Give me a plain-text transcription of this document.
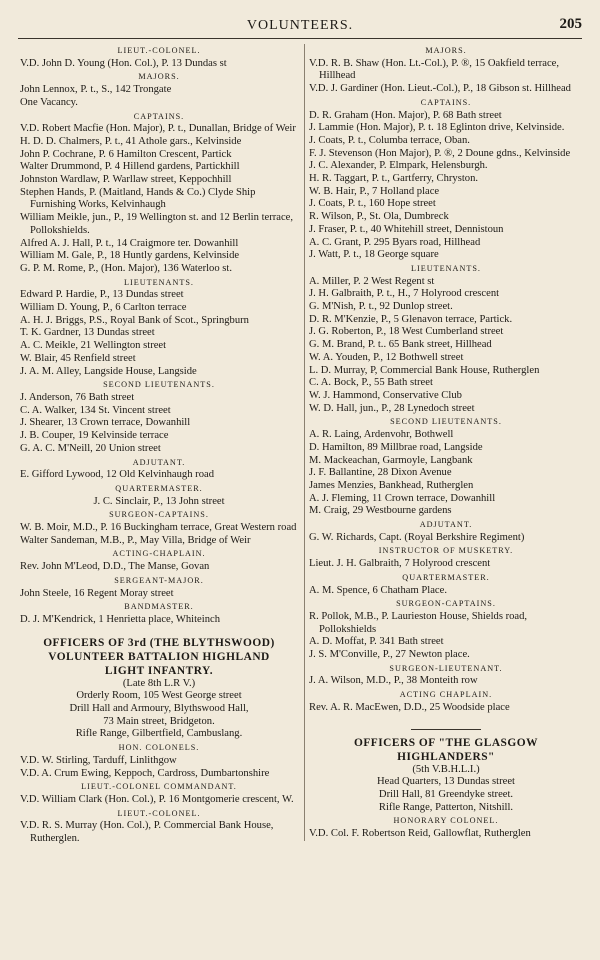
VOLUNTEERS.	205
LIEUT.-COLONEL.
V.D. John D. Young (Hon. Col.), P. 13 Dundas st
MAJORS.
John Lennox, P. t., S., 142 Trongate
One Vacancy.
CAPTAINS.
V.D. Robert Macfie (Hon. Major), P. t., Dunallan, Bridge of Weir
H. D. D. Chalmers, P. t., 41 Athole gars., Kelvinside
John P. Cochrane, P. 6 Hamilton Crescent, Partick
Walter Drummond, P. 4 Hillend gardens, Partickhill
Johnston Wardlaw, P. Warllaw street, Keppochhill
Stephen Hands, P. (Maitland, Hands & Co.) Clyde Ship Furnishing Works, Kelvinhaugh
William Meikle, jun., P., 19 Wellington st. and 12 Berlin terrace, Pollokshields.
Alfred A. J. Hall, P. t., 14 Craigmore ter. Dowanhill
William M. Gale, P., 18 Huntly gardens, Kelvinside
G. P. M. Rome, P., (Hon. Major), 136 Waterloo st.
LIEUTENANTS.
Edward P. Hardie, P., 13 Dundas street
William D. Young, P., 6 Carlton terrace
A. H. J. Briggs, P.S., Royal Bank of Scot., Springburn
T. K. Gardner, 13 Dundas street
A. C. Meikle, 21 Wellington street
W. Blair, 45 Renfield street
J. A. M. Alley, Langside House, Langside
SECOND LIEUTENANTS.
J. Anderson, 76 Bath street
C. A. Walker, 134 St. Vincent street
J. Shearer, 13 Crown terrace, Dowanhill
J. B. Couper, 19 Kelvinside terrace
G. A. C. M'Neill, 20 Union street
ADJUTANT.
E. Gifford Lywood, 12 Old Kelvinhaugh road
QUARTERMASTER.
J. C. Sinclair, P., 13 John street
SURGEON-CAPTAINS.
W. B. Moir, M.D., P. 16 Buckingham terrace, Great Western road
Walter Sandeman, M.B., P., May Villa, Bridge of Weir
ACTING-CHAPLAIN.
Rev. John M'Leod, D.D., The Manse, Govan
SERGEANT-MAJOR.
John Steele, 16 Regent Moray street
BANDMASTER.
D. J. M'Kendrick, 1 Henrietta place, Whiteinch
OFFICERS OF 3rd (THE BLYTHSWOOD)
VOLUNTEER BATTALION HIGHLAND
LIGHT INFANTRY.
(Late 8th L.R V.)
Orderly Room, 105 West George street
Drill Hall and Armoury, Blythswood Hall,
73 Main street, Bridgeton.
Rifle Range, Gilbertfield, Cambuslang.
HON. COLONELS.
V.D. W. Stirling, Tarduff, Linlithgow
V.D. A. Crum Ewing, Keppoch, Cardross, Dumbartonshire
LIEUT.-COLONEL COMMANDANT.
V.D. William Clark (Hon. Col.), P. 16 Montgomerie crescent, W.
LIEUT.-COLONEL.
V.D. R. S. Murray (Hon. Col.), P. Commercial Bank House, Rutherglen.
MAJORS.
V.D. R. B. Shaw (Hon. Lt.-Col.), P. ®, 15 Oakfield terrace, Hillhead
V.D. J. Gardiner (Hon. Lieut.-Col.), P., 18 Gibson st. Hillhead
CAPTAINS.
D. R. Graham (Hon. Major), P. 68 Bath street
J. Lammie (Hon. Major), P. t. 18 Eglinton drive, Kelvinside.
J. Coats, P. t., Columba terrace, Oban.
F. J. Stevenson (Hon Major), P. ®, 2 Doune gdns., Kelvinside
J. C. Alexander, P. Elmpark, Helensburgh.
H. R. Taggart, P. t., Gartferry, Chryston.
W. B. Hair, P., 7 Holland place
J. Coats, P. t., 160 Hope street
R. Wilson, P., St. Ola, Dumbreck
J. Fraser, P. t., 40 Whitehill street, Dennistoun
A. C. Grant, P. 295 Byars road, Hillhead
J. Watt, P. t., 18 George square
LIEUTENANTS.
A. Miller, P. 2 West Regent st
J. H. Galbraith, P. t., H., 7 Holyrood crescent
G. M'Nish, P. t., 92 Dunlop street.
D. R. M'Kenzie, P., 5 Glenavon terrace, Partick.
J. G. Roberton, P., 18 West Cumberland street
G. M. Brand, P. t.. 65 Bank street, Hillhead
W. A. Youden, P., 12 Bothwell street
L. D. Murray, P, Commercial Bank House, Rutherglen
C. A. Bock, P., 55 Bath street
W. J. Hammond, Conservative Club
W. D. Hall, jun., P., 28 Lynedoch street
SECOND LIEUTENANTS.
A. R. Laing, Ardenvohr, Bothwell
D. Hamilton, 89 Millbrae road, Langside
M. Mackeachan, Garmoyle, Langbank
J. F. Ballantine, 28 Dixon Avenue
James Menzies, Bankhead, Rutherglen
A. J. Fleming, 11 Crown terrace, Dowanhill
M. Craig, 29 Westbourne gardens
ADJUTANT.
G. W. Richards, Capt. (Royal Berkshire Regiment)
INSTRUCTOR OF MUSKETRY.
Lieut. J. H. Galbraith, 7 Holyrood crescent
QUARTERMASTER.
A. M. Spence, 6 Chatham Place.
SURGEON-CAPTAINS.
R. Pollok, M.B., P. Laurieston House, Shields road, Pollokshields
A. D. Moffat, P. 341 Bath street
J. S. M'Conville, P., 27 Newton place.
SURGEON-LIEUTENANT.
J. A. Wilson, M.D., P., 38 Monteith row
ACTING CHAPLAIN.
Rev. A. R. MacEwen, D.D., 25 Woodside place
OFFICERS OF "THE GLASGOW
HIGHLANDERS"
(5th V.B.H.L.I.)
Head Quarters, 13 Dundas street
Drill Hall, 81 Greendyke street.
Rifle Range, Patterton, Nitshill.
HONORARY COLONEL.
V.D. Col. F. Robertson Reid, Gallowflat, Rutherglen
